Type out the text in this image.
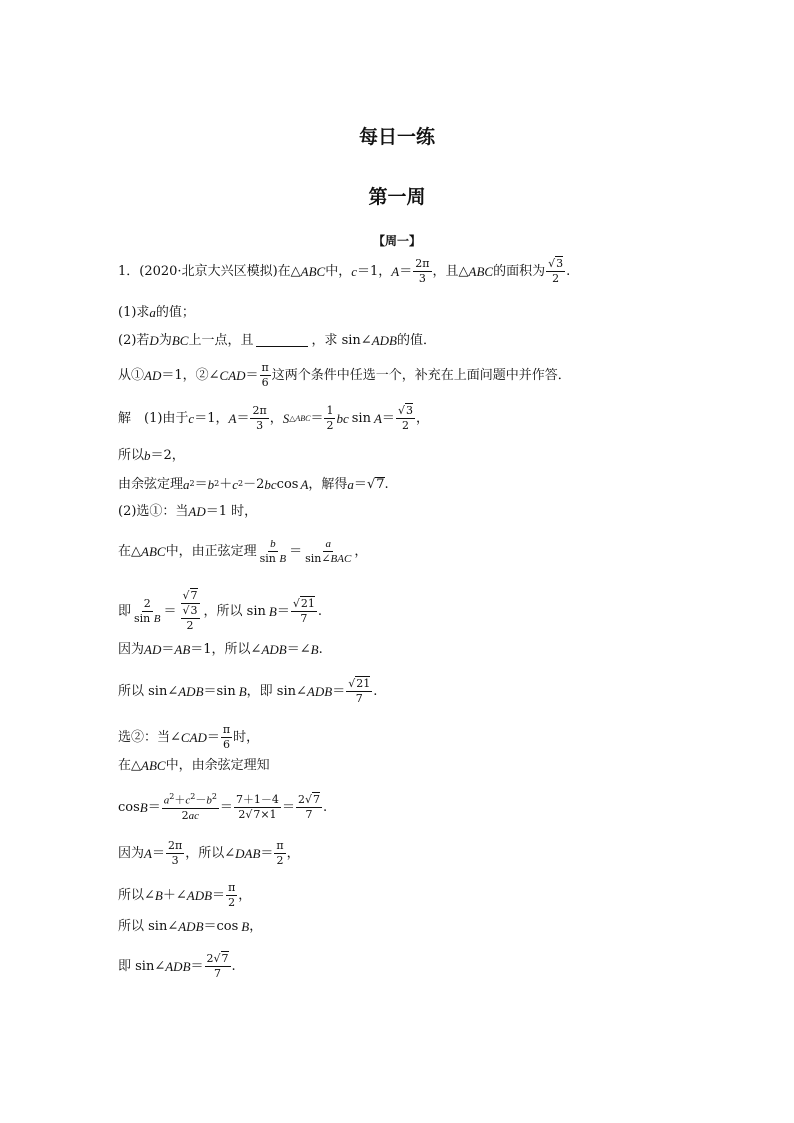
每日一练
第一周
【周一】
1． (2020·北京大兴区模拟) 在△ ABC 中， c ＝1， $A = \frac{2\pi}{3}$ ，且△ ABC 的面积为 $\frac{√3}{2}$ .
(1)求 a 的值；
(2)若 D 为 BC 上一点，且	，求 sin∠ ADB 的值．
从① AD ＝1，②∠ CAD ＝ $\frac{\pi}{6}$ 这两个条件中任选一个，补充在上面问题中并作答．
解　(1)由于 c ＝1， $A = \frac{2\pi}{3}$ ， S △ABC ＝ $\frac{1}{2}$ bc $\sin A = \frac{√3}{2}$ ，
所以 b ＝2，
由余弦定理 a 2 ＝ b 2 ＋ c 2 －2 bc cos A ，解得 a ＝ √ 7 .
(2)选①：当 AD ＝1 时，
在△ ABC 中，由正弦定理 $\frac{b}{\text{sin B}}$ ＝
a
sin∠BAC ，
即 $\frac{2}{\text{sin B}} = \frac{√7}{\frac{√3}{2}}$ ，所以 $\sin B = \frac{√21}{7}$ .
因为 AD ＝ AB ＝1，所以∠ ADB ＝∠ B .
所以 sin∠ ADB ＝sin B ，即 sin∠ ADB ＝ $\frac{√21}{7}$ .
选②：当∠ CAD ＝ $\frac{\pi}{6}$ 时，
在△ ABC 中，由余弦定理知
$\cos B = \frac{a^2+c^2-b^2}{2ac} = \frac{7+1-4}{2√7\times 1} = \frac{2√7}{7}$ .
因为 $A = \frac{2\pi}{3}$ ，所以∠ DAB ＝ $\frac{\pi}{2}$ ，
所以∠ B ＋∠ ADB ＝ $\frac{\pi}{2}$ ，
所以 sin∠ ADB ＝cos B ，
即 sin∠ ADB ＝ $\frac{2√7}{7}$ .
